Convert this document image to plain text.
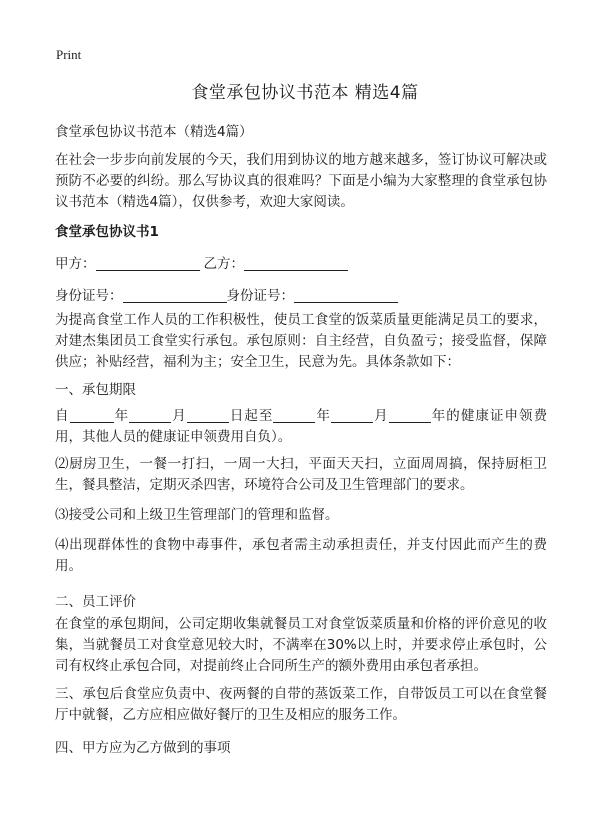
Print
食堂承包协议书范本 精选4篇

食堂承包协议书范本（精选4篇）

在社会一步步向前发展的今天，我们用到协议的地方越来越多，签订协议可解决或预防不必要的纠纷。那么写协议真的很难吗？下面是小编为大家整理的食堂承包协议书范本（精选4篇），仅供参考，欢迎大家阅读。

食堂承包协议书1

甲方：	乙方：

身份证号：	身份证号：

为提高食堂工作人员的工作积极性，使员工食堂的饭菜质量更能满足员工的要求，对建杰集团员工食堂实行承包。承包原则：自主经营，自负盈亏；接受监督，保障供应；补贴经营，福利为主；安全卫生，民意为先。具体条款如下：

一、承包期限

自	年	月	日起至	年	月	年的健康证申领费用，其他人员的健康证申领费用自负）。

⑵厨房卫生，一餐一打扫，一周一大扫，平面天天扫，立面周周搞，保持厨柜卫生，餐具整洁，定期灭杀四害，环境符合公司及卫生管理部门的要求。

⑶接受公司和上级卫生管理部门的管理和监督。

⑷出现群体性的食物中毒事件，承包者需主动承担责任，并支付因此而产生的费用。

二、员工评价

在食堂的承包期间，公司定期收集就餐员工对食堂饭菜质量和价格的评价意见的收集，当就餐员工对食堂意见较大时，不满率在30%以上时，并要求停止承包时，公司有权终止承包合同，对提前终止合同所生产的额外费用由承包者承担。

三、承包后食堂应负责中、夜两餐的自带的蒸饭菜工作，自带饭员工可以在食堂餐厅中就餐，乙方应相应做好餐厅的卫生及相应的服务工作。

四、甲方应为乙方做到的事项
